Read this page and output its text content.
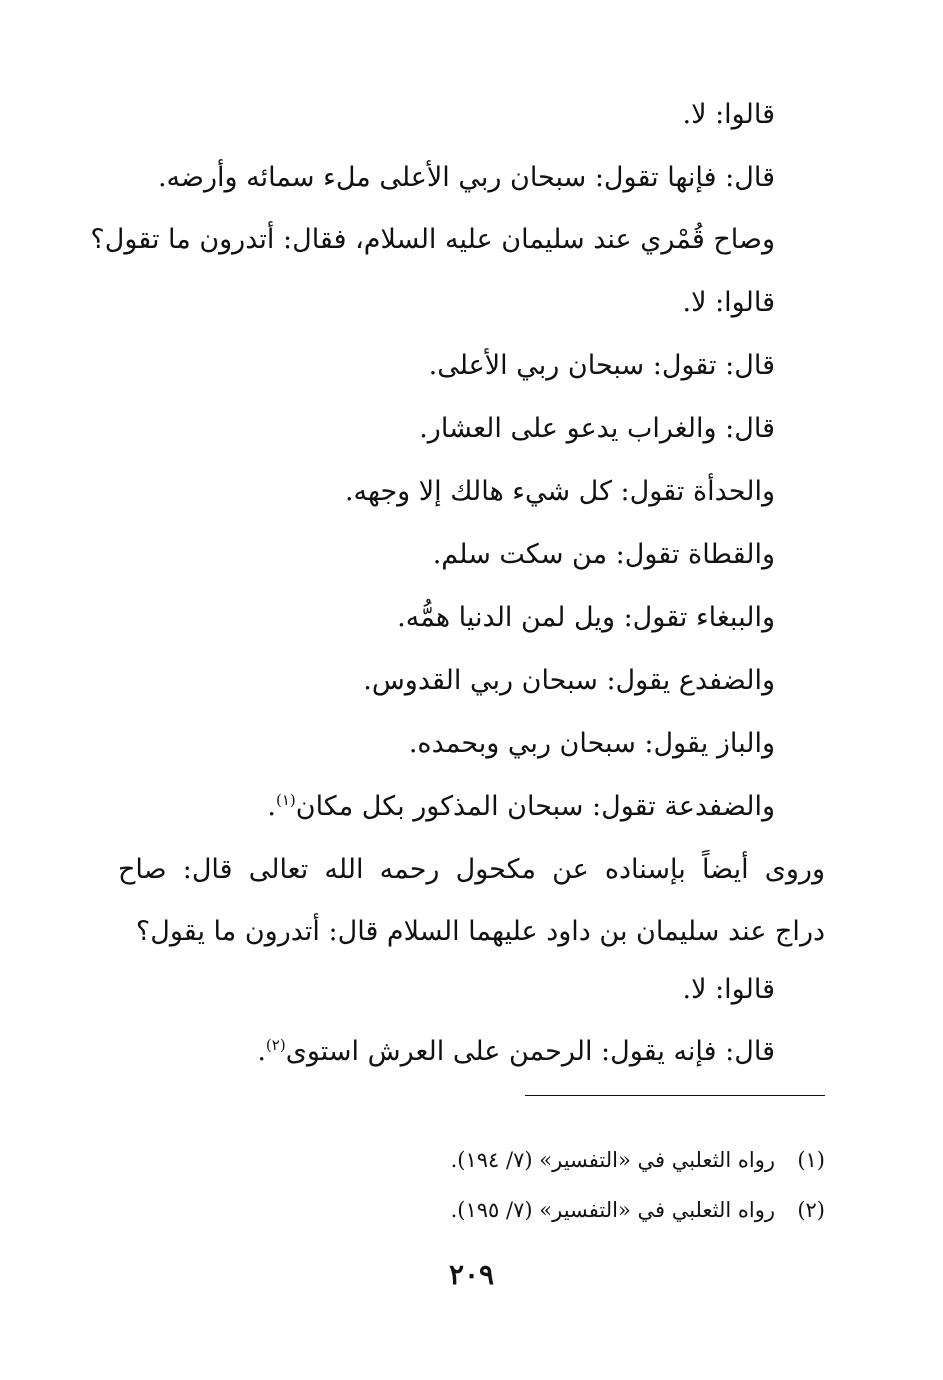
قالوا: لا.
قال: فإنها تقول: سبحان ربي الأعلى ملء سمائه وأرضه.
وصاح قُمْري عند سليمان عليه السلام، فقال: أتدرون ما تقول؟
قالوا: لا.
قال: تقول: سبحان ربي الأعلى.
قال: والغراب يدعو على العشار.
والحدأة تقول: كل شيء هالك إلا وجهه.
والقطاة تقول: من سكت سلم.
والببغاء تقول: ويل لمن الدنيا همُّه.
والضفدع يقول: سبحان ربي القدوس.
والباز يقول: سبحان ربي وبحمده.
والضفدعة تقول: سبحان المذكور بكل مكان$^{(١)}$.
وروى أيضاً بإسناده عن مكحول رحمه الله تعالى قال: صاح
دراج عند سليمان بن داود عليهما السلام قال: أتدرون ما يقول؟
قالوا: لا.
قال: فإنه يقول: الرحمن على العرش استوى$^{(٢)}$.
(١)رواه الثعلبي في «التفسير» (٧/ ١٩٤).
(٢)رواه الثعلبي في «التفسير» (٧/ ١٩٥).
٢٠٩
